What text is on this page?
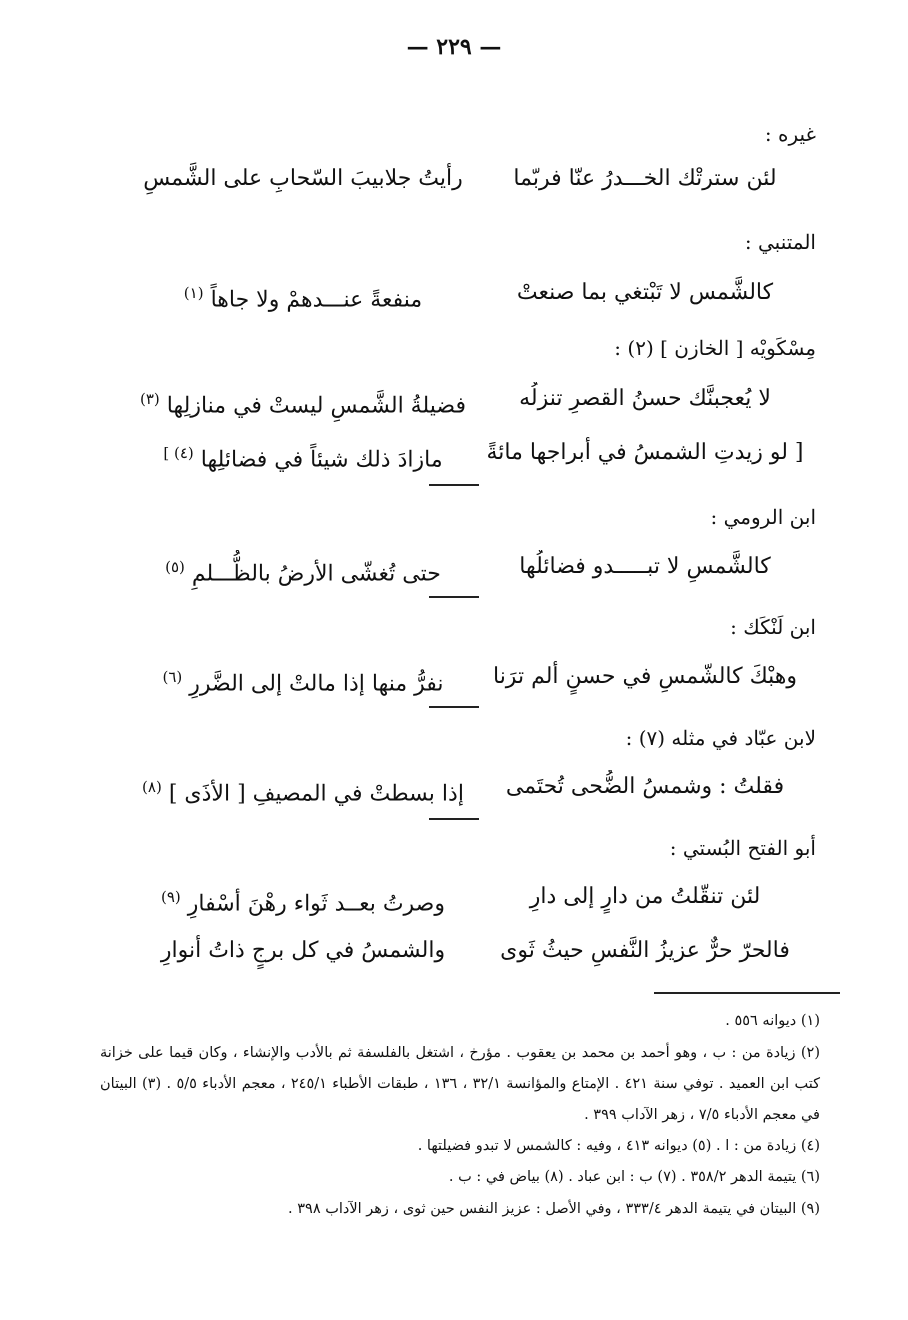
— ٢٢٩ —
غيره :
لئن سترتْك الخـــدرُ عنّا فربّما
رأيتُ جلابيبَ السّحابِ على الشَّمسِ
المتنبي :
كالشَّمس لا تَبْتغي بما صنعتْ
منفعةً عنـــدهمْ ولا جاهاً $^{(١)}$
مِسْكَويْه [ الخازن ] (٢) :
لا يُعجبنَّك حسنُ القصرِ تنزلُه
فضيلةُ الشَّمسِ ليستْ في منازلِها $^{(٣)}$
[ لو زيدتِ الشمسُ في أبراجها مائةً
مازادَ ذلك شيئاً في فضائلِها $^{(٤) ]}$
ابن الرومي :
كالشَّمسِ لا تبـــــدو فضائلُها
حتى تُغشّى الأرضُ بالظُّـــلمِ $^{(٥)}$
ابن لَنْكَك :
وهبْكَ كالشّمسِ في حسنٍ ألم ترَنا
نفرُّ منها إذا مالتْ إلى الضَّررِ $^{(٦)}$
لابن عبّاد في مثله (٧) :
فقلتُ : وشمسُ الضُّحى تُحتَمى
إذا بسطتْ في المصيفِ [ الأذَى ] $^{(٨)}$
أبو الفتح البُستي :
لئن تنقّلتُ من دارٍ إلى دارِ
وصرتُ بعــد ثَواء رهْنَ أسْفارِ $^{(٩)}$
فالحرّ حرٌّ عزيزُ النَّفسِ حيثُ ثَوى
والشمسُ في كل برجٍ ذاتُ أنوارِ
(١) ديوانه ٥٥٦ .
(٢) زيادة من : ب ، وهو أحمد بن محمد بن يعقوب . مؤرخ ، اشتغل بالفلسفة ثم بالأدب والإنشاء ، وكان قيما على خزانة كتب ابن العميد . توفي سنة ٤٢١ . الإمتاع والمؤانسة ٣٢/١ ، ١٣٦ ، طبقات الأطباء ٢٤٥/١ ، معجم الأدباء ٥/٥ . (٣) البيتان في معجم الأدباء ٧/٥ ، زهر الآداب ٣٩٩ .
(٤) زيادة من : ا . (٥) ديوانه ٤١٣ ، وفيه : كالشمس لا تبدو فضيلتها .
(٦) يتيمة الدهر ٣٥٨/٢ . (٧) ب : ابن عباد . (٨) بياض في : ب .
(٩) البيتان في يتيمة الدهر ٣٣٣/٤ ، وفي الأصل : عزيز النفس حين ثوى ، زهر الآداب ٣٩٨ .
